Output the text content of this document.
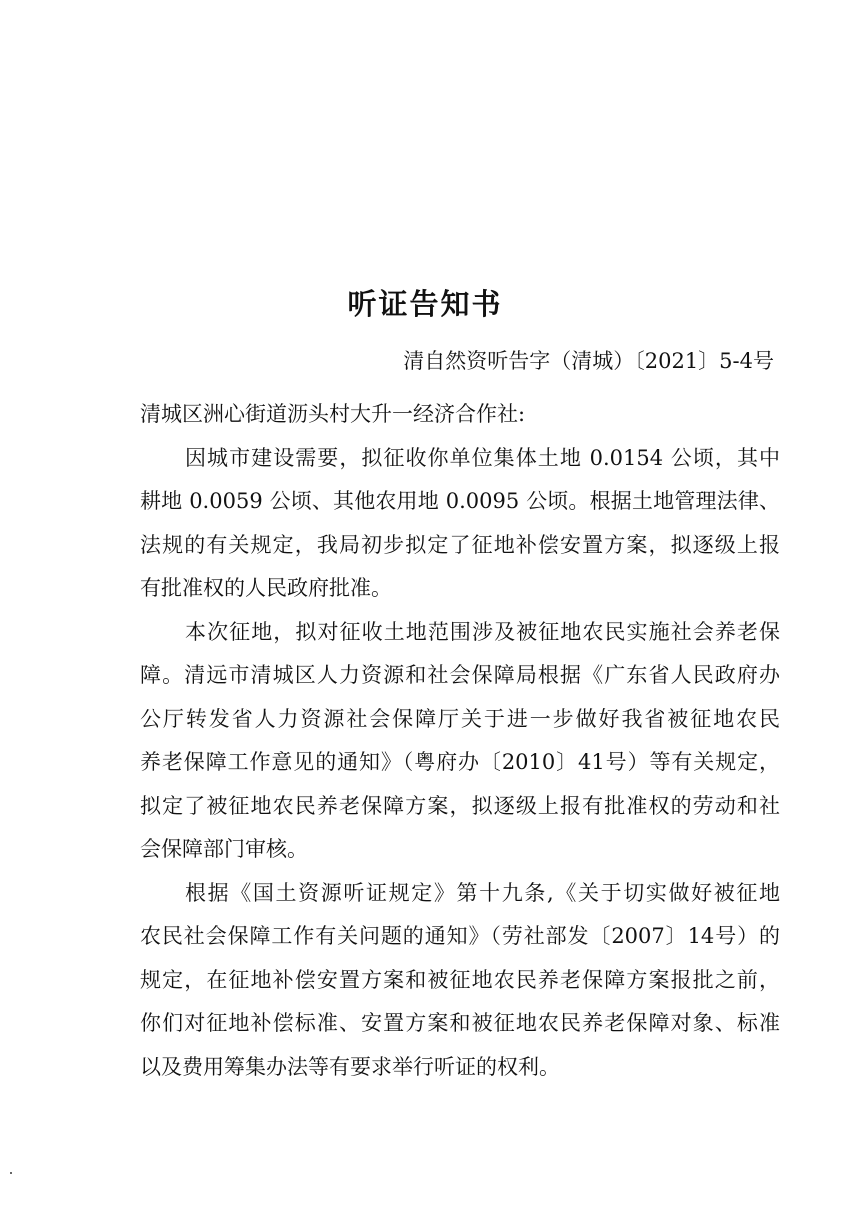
听证告知书
清自然资听告字（清城）〔2021〕5-4号
清城区洲心街道沥头村大升一经济合作社:
因城市建设需要，拟征收你单位集体土地 0.0154 公顷，其中
耕地 0.0059 公顷、其他农用地 0.0095 公顷。根据土地管理法律、
法规的有关规定，我局初步拟定了征地补偿安置方案，拟逐级上报
有批准权的人民政府批准。
本次征地，拟对征收土地范围涉及被征地农民实施社会养老保
障。清远市清城区人力资源和社会保障局根据《广东省人民政府办
公厅转发省人力资源社会保障厅关于进一步做好我省被征地农民
养老保障工作意见的通知》（粤府办〔2010〕41号）等有关规定，
拟定了被征地农民养老保障方案，拟逐级上报有批准权的劳动和社
会保障部门审核。
根据《国土资源听证规定》第十九条,《关于切实做好被征地
农民社会保障工作有关问题的通知》（劳社部发〔2007〕14号）的
规定，在征地补偿安置方案和被征地农民养老保障方案报批之前，
你们对征地补偿标准、安置方案和被征地农民养老保障对象、标准
以及费用筹集办法等有要求举行听证的权利。
